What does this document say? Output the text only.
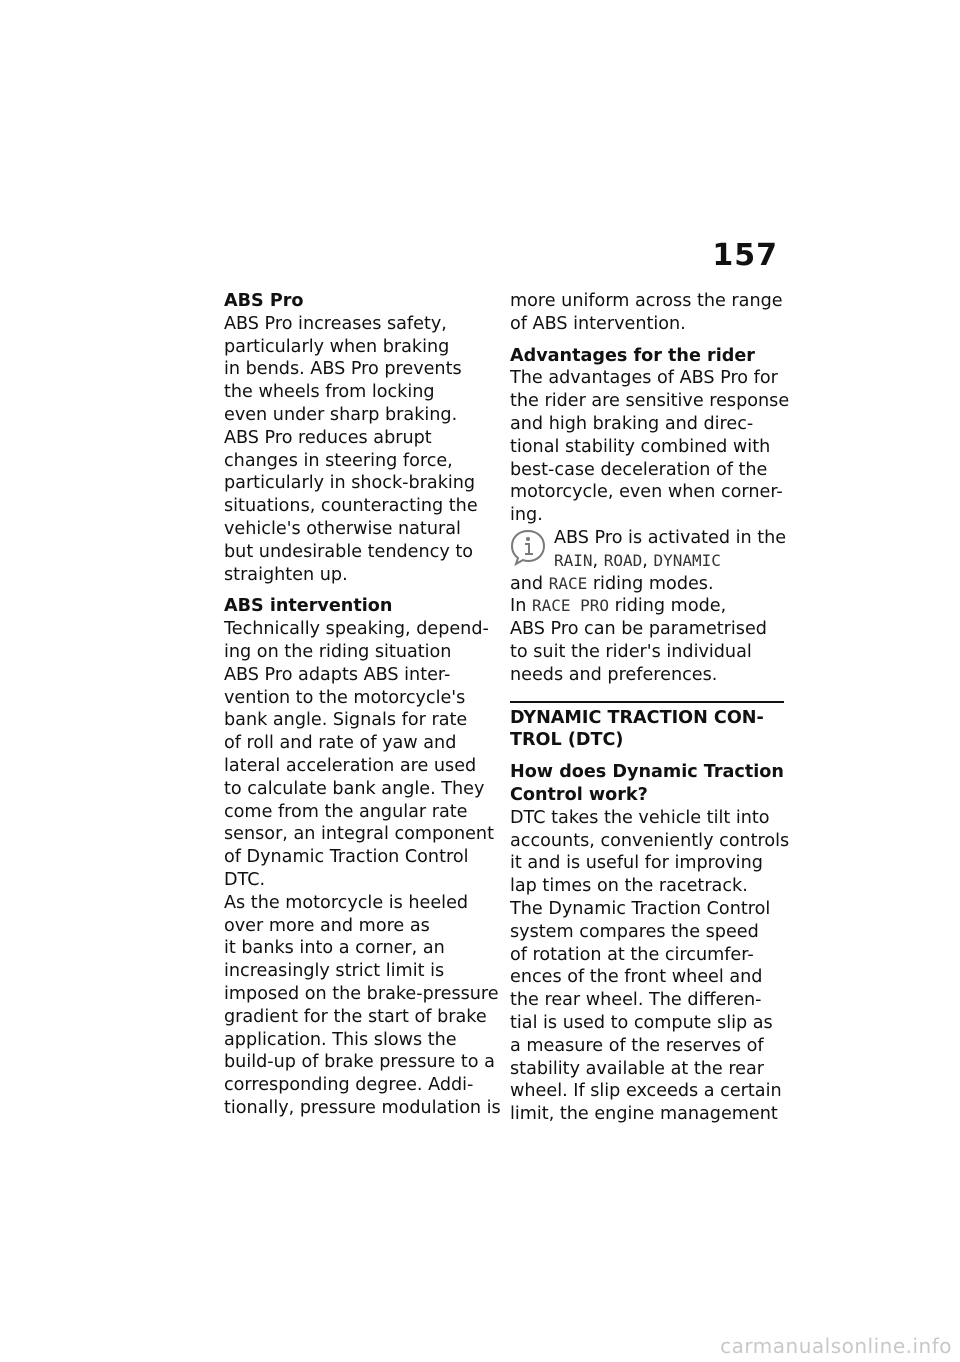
157
ABS Pro
ABS Pro increases safety,
particularly when braking
in bends. ABS Pro prevents
the wheels from locking
even under sharp braking.
ABS Pro reduces abrupt
changes in steering force,
particularly in shock-braking
situations, counteracting the
vehicle's otherwise natural
but undesirable tendency to
straighten up.
ABS intervention
Technically speaking, depend-
ing on the riding situation
ABS Pro adapts ABS inter-
vention to the motorcycle's
bank angle. Signals for rate
of roll and rate of yaw and
lateral acceleration are used
to calculate bank angle. They
come from the angular rate
sensor, an integral component
of Dynamic Traction Control
DTC.
As the motorcycle is heeled
over more and more as
it banks into a corner, an
increasingly strict limit is
imposed on the brake-pressure
gradient for the start of brake
application. This slows the
build-up of brake pressure to a
corresponding degree. Addi-
tionally, pressure modulation is
more uniform across the range
of ABS intervention.
Advantages for the rider
The advantages of ABS Pro for
the rider are sensitive response
and high braking and direc-
tional stability combined with
best-case deceleration of the
motorcycle, even when corner-
ing.
ABS Pro is activated in the
RAIN, ROAD, DYNAMIC
and RACE riding modes.
In RACE PRO riding mode,
ABS Pro can be parametrised
to suit the rider's individual
needs and preferences.
DYNAMIC TRACTION CON-
TROL (DTC)
How does Dynamic Traction
Control work?
DTC takes the vehicle tilt into
accounts, conveniently controls
it and is useful for improving
lap times on the racetrack.
The Dynamic Traction Control
system compares the speed
of rotation at the circumfer-
ences of the front wheel and
the rear wheel. The differen-
tial is used to compute slip as
a measure of the reserves of
stability available at the rear
wheel. If slip exceeds a certain
limit, the engine management
carmanualsonline.info
